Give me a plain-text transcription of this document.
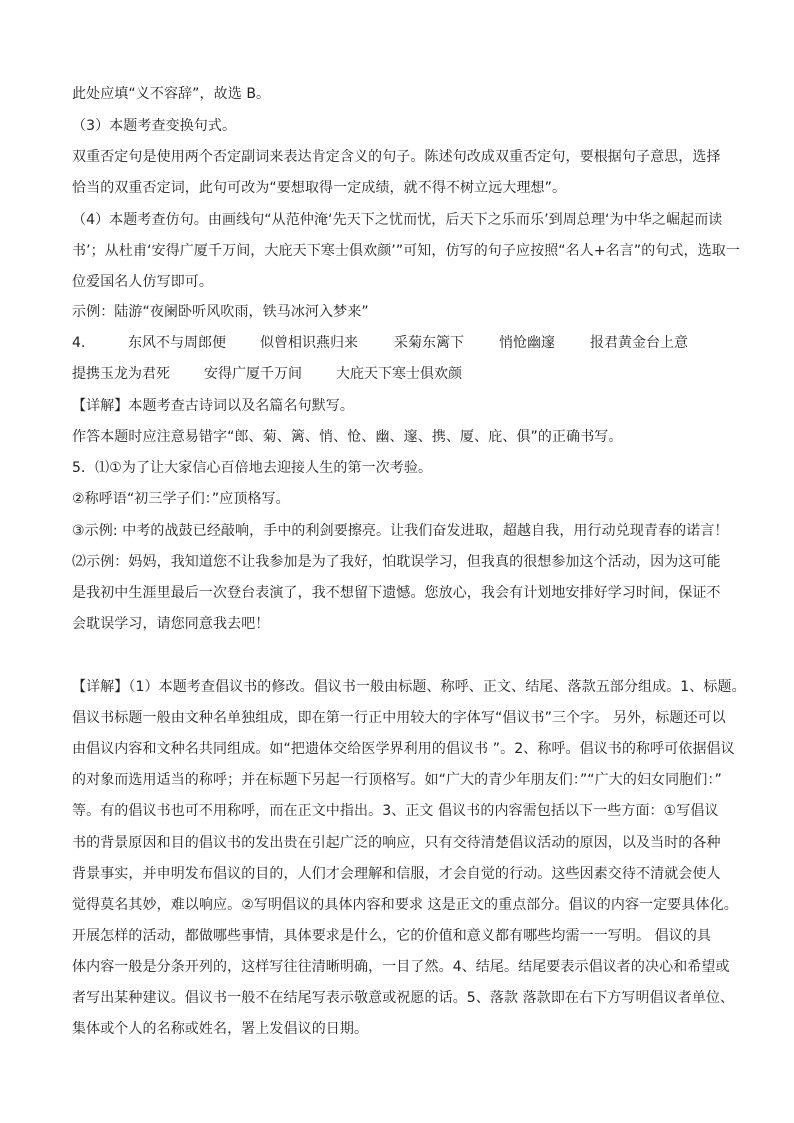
此处应填“义不容辞”，故选 B。
（3）本题考查变换句式。
双重否定句是使用两个否定副词来表达肯定含义的句子。陈述句改成双重否定句，要根据句子意思，选择
恰当的双重否定词，此句可改为“要想取得一定成绩，就不得不树立远大理想”。
（4）本题考查仿句。由画线句“从范仲淹‘先天下之忧而忧，后天下之乐而乐’到周总理‘为中华之崛起而读
书’；从杜甫‘安得广厦千万间，大庇天下寒士俱欢颜’”可知，仿写的句子应按照“名人+名言”的句式，选取一
位爱国名人仿写即可。
示例：陆游“夜阑卧听风吹雨，铁马冰河入梦来”
4．	东风不与周郎便 似曾相识燕归来	采菊东篱下	悄怆幽邃	报君黄金台上意
提携玉龙为君死 安得广厦千万间 大庇天下寒士俱欢颜
【详解】本题考查古诗词以及名篇名句默写。
作答本题时应注意易错字“郎、菊、篱、悄、怆、幽、邃、携、厦、庇、俱”的正确书写。
5．⑴①为了让大家信心百倍地去迎接人生的第一次考验。
②称呼语“初三学子们：”应顶格写。
③示例: 中考的战鼓已经敲响，手中的利剑要擦亮。让我们奋发进取，超越自我，用行动兑现青春的诺言！
⑵示例：妈妈，我知道您不让我参加是为了我好，怕耽误学习，但我真的很想参加这个活动，因为这可能
是我初中生涯里最后一次登台表演了，我不想留下遗憾。您放心，我会有计划地安排好学习时间，保证不
会耽误学习，请您同意我去吧！
【详解】（1）本题考查倡议书的修改。倡议书一般由标题、称呼、正文、结尾、落款五部分组成。1、标题。
倡议书标题一般由文种名单独组成，即在第一行正中用较大的字体写“倡议书”三个字。 另外，标题还可以
由倡议内容和文种名共同组成。如“把遗体交给医学界利用的倡议书 ”。2、称呼。倡议书的称呼可依据倡议
的对象而选用适当的称呼；并在标题下另起一行顶格写。如“广大的青少年朋友们：”“广大的妇女同胞们：”
等。有的倡议书也可不用称呼，而在正文中指出。3、正文 倡议书的内容需包括以下一些方面：①写倡议
书的背景原因和目的倡议书的发出贵在引起广泛的响应，只有交待清楚倡议活动的原因，以及当时的各种
背景事实，并申明发布倡议的目的，人们才会理解和信服，才会自觉的行动。这些因素交待不清就会使人
觉得莫名其妙，难以响应。②写明倡议的具体内容和要求 这是正文的重点部分。倡议的内容一定要具体化。
开展怎样的活动，都做哪些事情，具体要求是什么，它的价值和意义都有哪些均需一一写明。 倡议的具
体内容一般是分条开列的，这样写往往清晰明确，一目了然。4、结尾。结尾要表示倡议者的决心和希望或
者写出某种建议。倡议书一般不在结尾写表示敬意或祝愿的话。5、落款 落款即在右下方写明倡议者单位、
集体或个人的名称或姓名，署上发倡议的日期。
